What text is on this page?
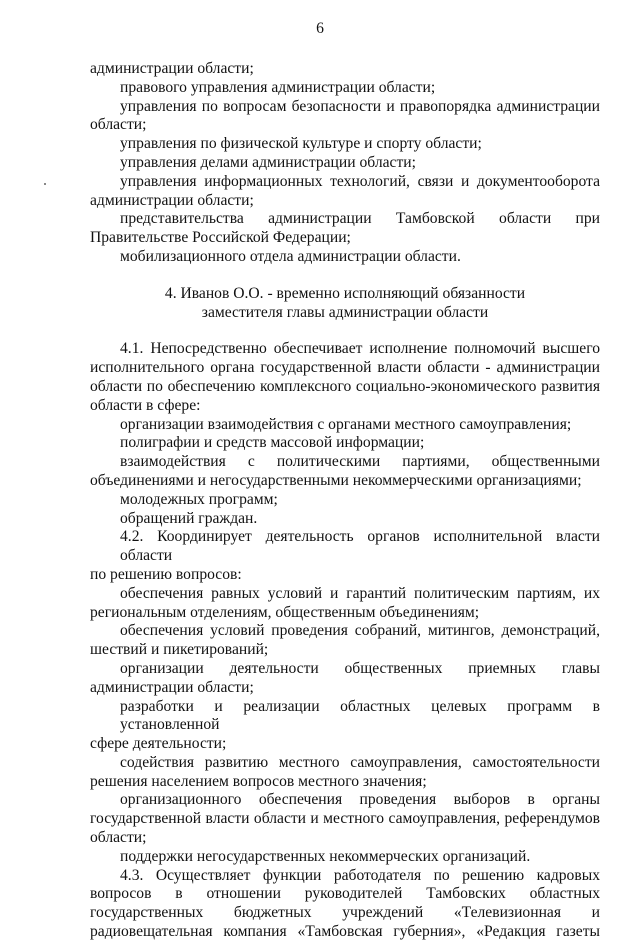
6
администрации области;
правового управления администрации области;
управления по вопросам безопасности и правопорядка администрации
области;
управления по физической культуре и спорту области;
управления делами администрации области;
управления информационных технологий, связи и документооборота
администрации области;
представительства администрации Тамбовской области при
Правительстве Российской Федерации;
мобилизационного отдела администрации области.
4. Иванов О.О. - временно исполняющий обязанности
заместителя главы администрации области
4.1. Непосредственно обеспечивает исполнение полномочий высшего
исполнительного органа государственной власти области - администрации
области по обеспечению комплексного социально-экономического развития
области в сфере:
организации взаимодействия с органами местного самоуправления;
полиграфии и средств массовой информации;
взаимодействия с политическими партиями, общественными
объединениями и негосударственными некоммерческими организациями;
молодежных программ;
обращений граждан.
4.2. Координирует деятельность органов исполнительной власти области
по решению вопросов:
обеспечения равных условий и гарантий политическим партиям, их
региональным отделениям, общественным объединениям;
обеспечения условий проведения собраний, митингов, демонстраций,
шествий и пикетирований;
организации деятельности общественных приемных главы
администрации области;
разработки и реализации областных целевых программ в установленной
сфере деятельности;
содействия развитию местного самоуправления, самостоятельности
решения населением вопросов местного значения;
организационного обеспечения проведения выборов в органы
государственной власти области и местного самоуправления, референдумов
области;
поддержки негосударственных некоммерческих организаций.
4.3. Осуществляет функции работодателя по решению кадровых
вопросов в отношении руководителей Тамбовских областных
государственных бюджетных учреждений «Телевизионная и
радиовещательная компания «Тамбовская губерния», «Редакция газеты
